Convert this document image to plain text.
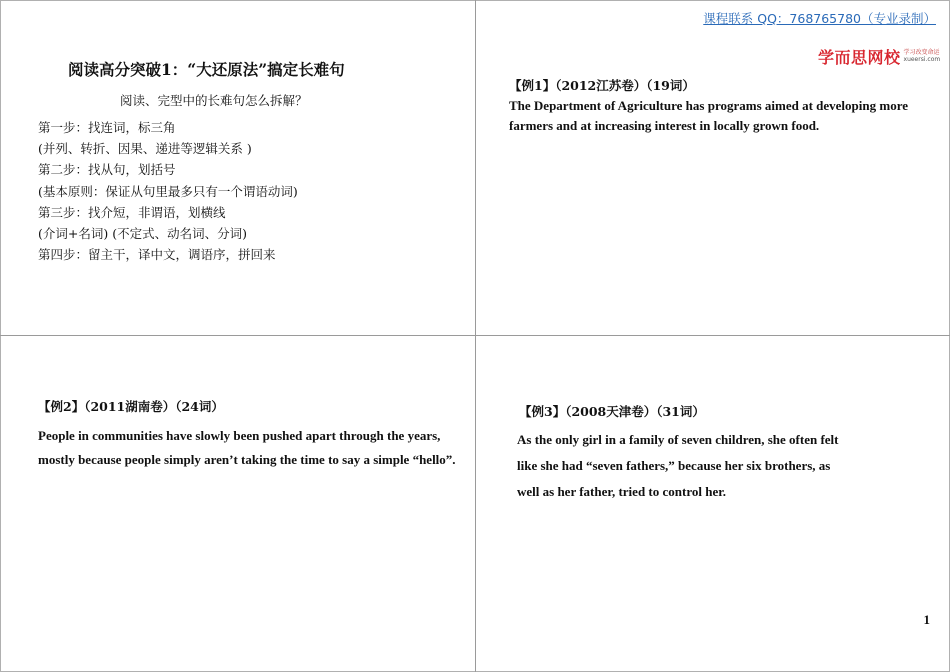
课程联系 QQ：768765780（专业录制）
学而思网校 学习改变命运
xueersi.com
阅读高分突破1：“大还原法”搞定长难句
阅读、完型中的长难句怎么拆解？
第一步：找连词，标三角
(并列、转折、因果、递进等逻辑关系 )
第二步：找从句，划括号
(基本原则：保证从句里最多只有一个谓语动词)
第三步：找介短，非谓语，划横线
(介词+名词) (不定式、动名词、分词)
第四步：留主干，译中文，调语序，拼回来
【例1】（2012江苏卷）（19词）
The Department of Agriculture has programs aimed at developing more farmers and at increasing interest in locally grown food.
【例2】（2011湖南卷）（24词）
People in communities have slowly been pushed apart through the years, mostly because people simply aren’t taking the time to say a simple “hello”.
【例3】（2008天津卷）（31词）
As the only girl in a family of seven children, she often felt like she had “seven fathers,” because her six brothers, as well as her father, tried to control her.
1
